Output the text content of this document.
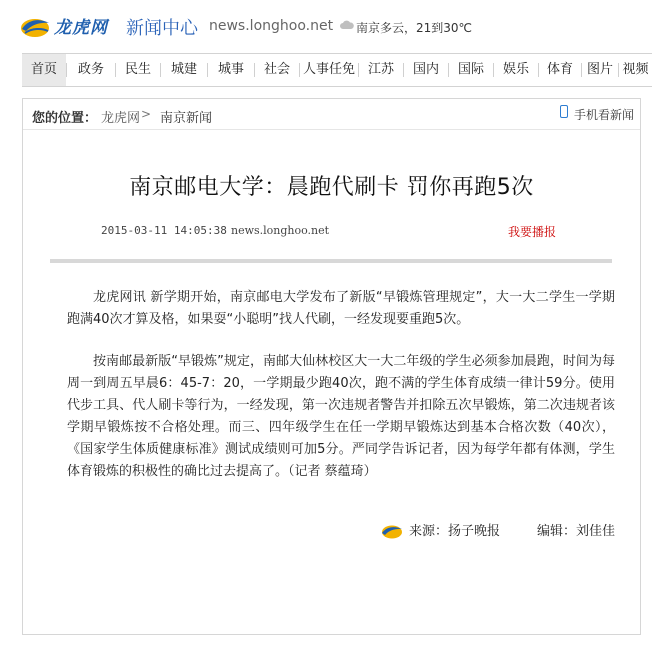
龙虎网 新闻中心 news.longhoo.net 南京多云，21到30℃
首页	政务	民生	城建	城事	社会 人事任免 江苏	国内	国际	娱乐	体育	图片 视频
您的位置： 龙虎网 > 南京新闻	手机看新闻
南京邮电大学：晨跑代刷卡 罚你再跑5次
2015-03-11 14:05:38 news.longhoo.net	我要播报

龙虎网讯 新学期开始，南京邮电大学发布了新版“早锻炼管理规定”，大一大二学生一学期跑满40次才算及格，如果耍“小聪明”找人代刷，一经发现要重跑5次。

按南邮最新版“早锻炼”规定，南邮大仙林校区大一大二年级的学生必须参加晨跑，时间为每周一到周五早晨6：45-7：20，一学期最少跑40次，跑不满的学生体育成绩一律计59分。使用代步工具、代人刷卡等行为，一经发现，第一次违规者警告并扣除五次早锻炼，第二次违规者该学期早锻炼按不合格处理。而三、四年级学生在任一学期早锻炼达到基本合格次数（40次），《国家学生体质健康标准》测试成绩则可加5分。严同学告诉记者，因为每学年都有体测，学生体育锻炼的积极性的确比过去提高了。（记者 蔡蕴琦）

来源：扬子晚报	编辑：刘佳佳
